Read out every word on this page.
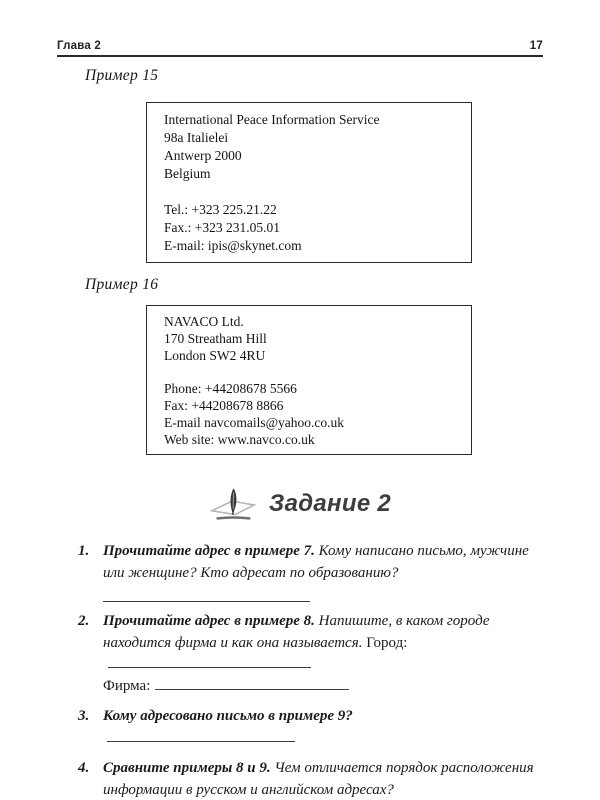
Глава 2	17
Пример 15
International Peace Information Service
98a Italielei
Antwerp 2000
Belgium
Tel.: +323 225.21.22
Fax.: +323 231.05.01
E-mail: ipis@skynet.com
Пример 16
NAVACO Ltd.
170 Streatham Hill
London SW2 4RU
Phone: +44208678 5566
Fax: +44208678 8866
E-mail navcomails@yahoo.co.uk
Web site: www.navco.co.uk
Задание 2
1. Прочитайте адрес в примере 7. Кому написано письмо, мужчине или женщине? Кто адресат по образованию?
2. Прочитайте адрес в примере 8. Напишите, в каком городе находится фирма и как она называется. Город:
Фирма:
3. Кому адресовано письмо в примере 9?
4. Сравните примеры 8 и 9. Чем отличается порядок расположения информации в русском и английском адресах?
